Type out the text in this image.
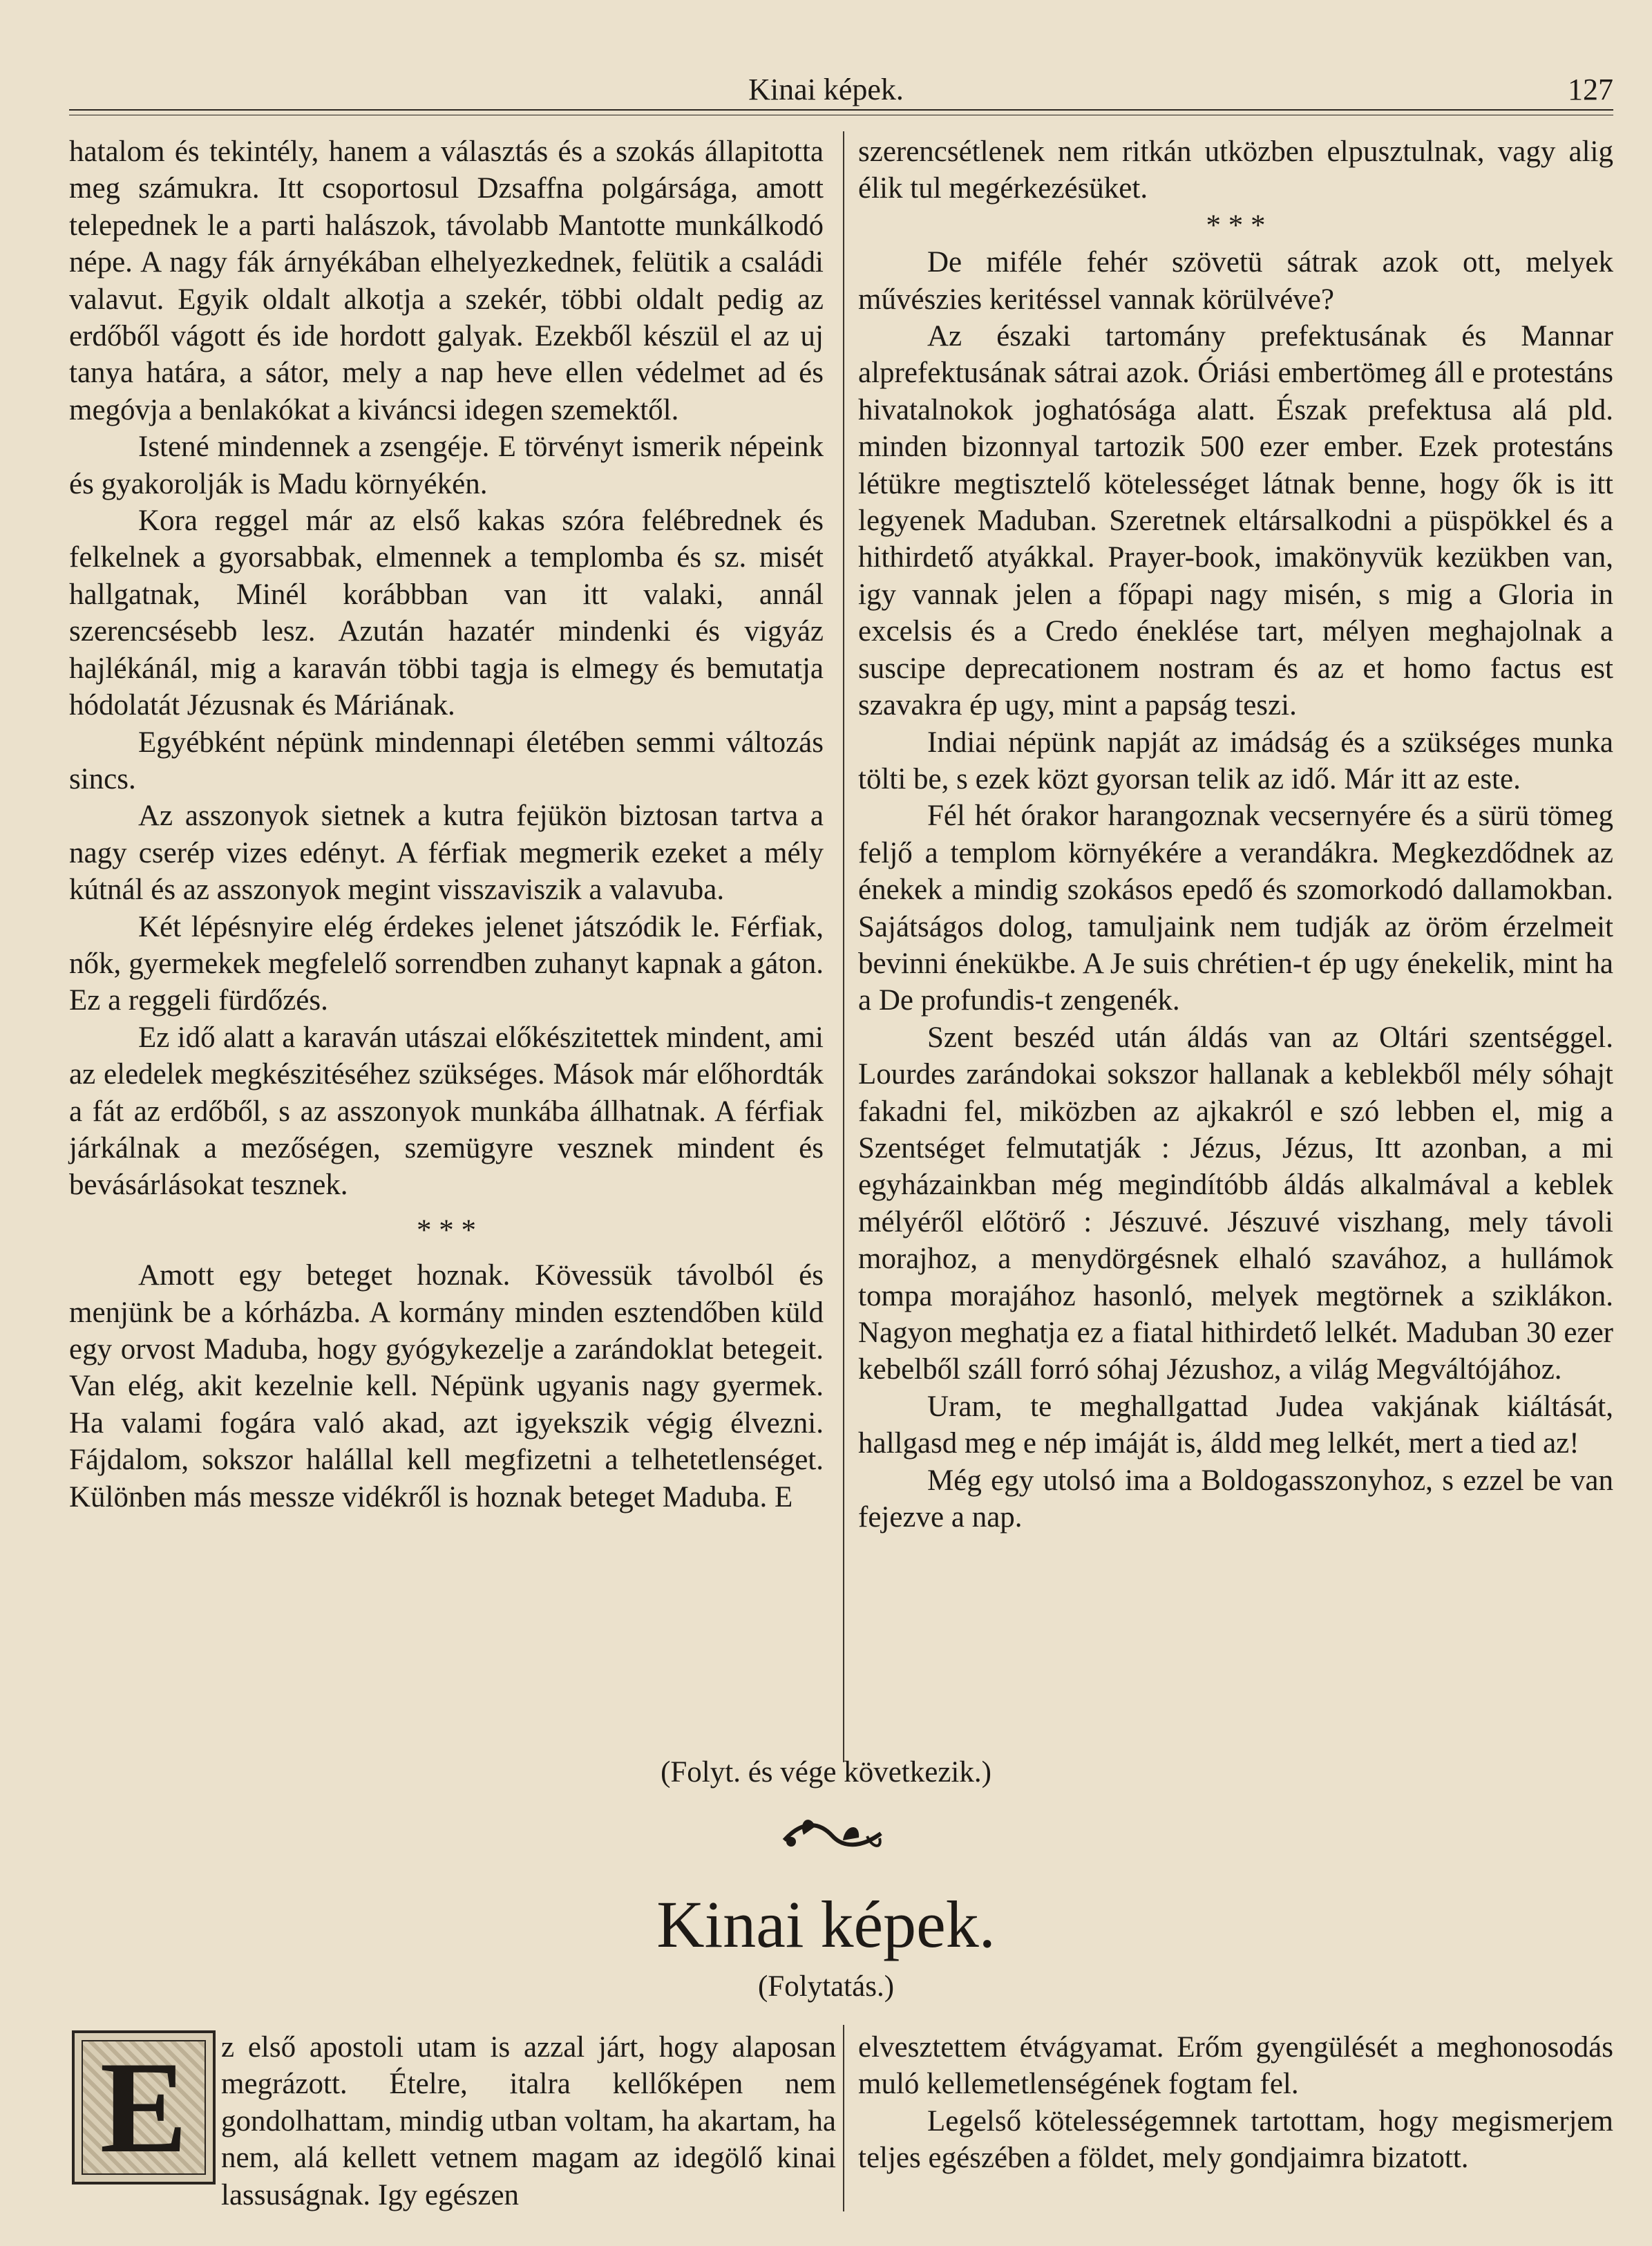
Kinai képek.	127

hatalom és tekintély, hanem a választás és a szokás állapitotta meg számukra. Itt csoportosul Dzsaffna polgársága, amott telepednek le a parti halászok, távolabb Mantotte munkálkodó népe. A nagy fák árnyékában elhelyezkednek, felütik a családi valavut. Egyik oldalt alkotja a szekér, többi oldalt pedig az erdőből vágott és ide hordott galyak. Ezekből készül el az uj tanya határa, a sátor, mely a nap heve ellen védelmet ad és megóvja a benlakókat a kiváncsi idegen szemektől.

Istené mindennek a zsengéje. E törvényt ismerik népeink és gyakorolják is Madu környékén.

Kora reggel már az első kakas szóra felébrednek és felkelnek a gyorsabbak, elmennek a templomba és sz. misét hallgatnak, Minél korábbban van itt valaki, annál szerencsésebb lesz. Azután hazatér mindenki és vigyáz hajlékánál, mig a karaván többi tagja is elmegy és bemutatja hódolatát Jézusnak és Máriának.

Egyébként népünk mindennapi életében semmi változás sincs.

Az asszonyok sietnek a kutra fejükön biztosan tartva a nagy cserép vizes edényt. A férfiak megmerik ezeket a mély kútnál és az asszonyok megint visszaviszik a valavuba.

Két lépésnyire elég érdekes jelenet játszódik le. Férfiak, nők, gyermekek megfelelő sorrendben zuhanyt kapnak a gáton. Ez a reggeli fürdőzés.

Ez idő alatt a karaván utászai előkészitettek mindent, ami az eledelek megkészitéséhez szükséges. Mások már előhordták a fát az erdőből, s az asszonyok munkába állhatnak. A férfiak járkálnak a mezőségen, szemügyre vesznek mindent és bevásárlásokat tesznek.

* * *

Amott egy beteget hoznak. Kövessük távolból és menjünk be a kórházba. A kormány minden esztendőben küld egy orvost Maduba, hogy gyógykezelje a zarándoklat betegeit. Van elég, akit kezelnie kell. Népünk ugyanis nagy gyermek. Ha valami fogára való akad, azt igyekszik végig élvezni. Fájdalom, sokszor halállal kell megfizetni a telhetetlenséget. Különben más messze vidékről is hoznak beteget Maduba. E

szerencsétlenek nem ritkán utközben elpusztulnak, vagy alig élik tul megérkezésüket.

* * *

De miféle fehér szövetü sátrak azok ott, melyek művészies keritéssel vannak körülvéve?

Az északi tartomány prefektusának és Mannar alprefektusának sátrai azok. Óriási embertömeg áll e protestáns hivatalnokok joghatósága alatt. Észak prefektusa alá pld. minden bizonnyal tartozik 500 ezer ember. Ezek protestáns létükre megtisztelő kötelességet látnak benne, hogy ők is itt legyenek Maduban. Szeretnek eltársalkodni a püspökkel és a hithirdető atyákkal. Prayer-book, imakönyvük kezükben van, igy vannak jelen a főpapi nagy misén, s mig a Gloria in excelsis és a Credo éneklése tart, mélyen meghajolnak a suscipe deprecationem nostram és az et homo factus est szavakra ép ugy, mint a papság teszi.

Indiai népünk napját az imádság és a szükséges munka tölti be, s ezek közt gyorsan telik az idő. Már itt az este.

Fél hét órakor harangoznak vecsernyére és a sürü tömeg feljő a templom környékére a verandákra. Megkezdődnek az énekek a mindig szokásos epedő és szomorkodó dallamokban. Sajátságos dolog, tamuljaink nem tudják az öröm érzelmeit bevinni énekükbe. A Je suis chrétien-t ép ugy énekelik, mint ha a De profundis-t zengenék.

Szent beszéd után áldás van az Oltári szentséggel. Lourdes zarándokai sokszor hallanak a keblekből mély sóhajt fakadni fel, miközben az ajkakról e szó lebben el, mig a Szentséget felmutatják : Jézus, Jézus, Itt azonban, a mi egyházainkban még megindítóbb áldás alkalmával a keblek mélyéről előtörő : Jészuvé. Jészuvé viszhang, mely távoli morajhoz, a menydörgésnek elhaló szavához, a hullámok tompa morajához hasonló, melyek megtörnek a sziklákon. Nagyon meghatja ez a fiatal hithirdető lelkét. Maduban 30 ezer kebelből száll forró sóhaj Jézushoz, a világ Megváltójához.

Uram, te meghallgattad Judea vakjának kiáltását, hallgasd meg e nép imáját is, áldd meg lelkét, mert a tied az!

Még egy utolsó ima a Boldogasszonyhoz, s ezzel be van fejezve a nap.

(Folyt. és vége következik.)
Kinai képek.
(Folytatás.)
E	z első apostoli utam is azzal járt, hogy alaposan megrázott. Ételre, italra kellőképen nem gondolhattam, mindig utban voltam, ha akartam, ha nem, alá kellett vetnem magam az idegölő kinai lassuságnak. Igy egészen

elvesztettem étvágyamat. Erőm gyengülését a meghonosodás muló kellemetlenségének fogtam fel.

Legelső kötelességemnek tartottam, hogy megismerjem teljes egészében a földet, mely gondjaimra bizatott.
